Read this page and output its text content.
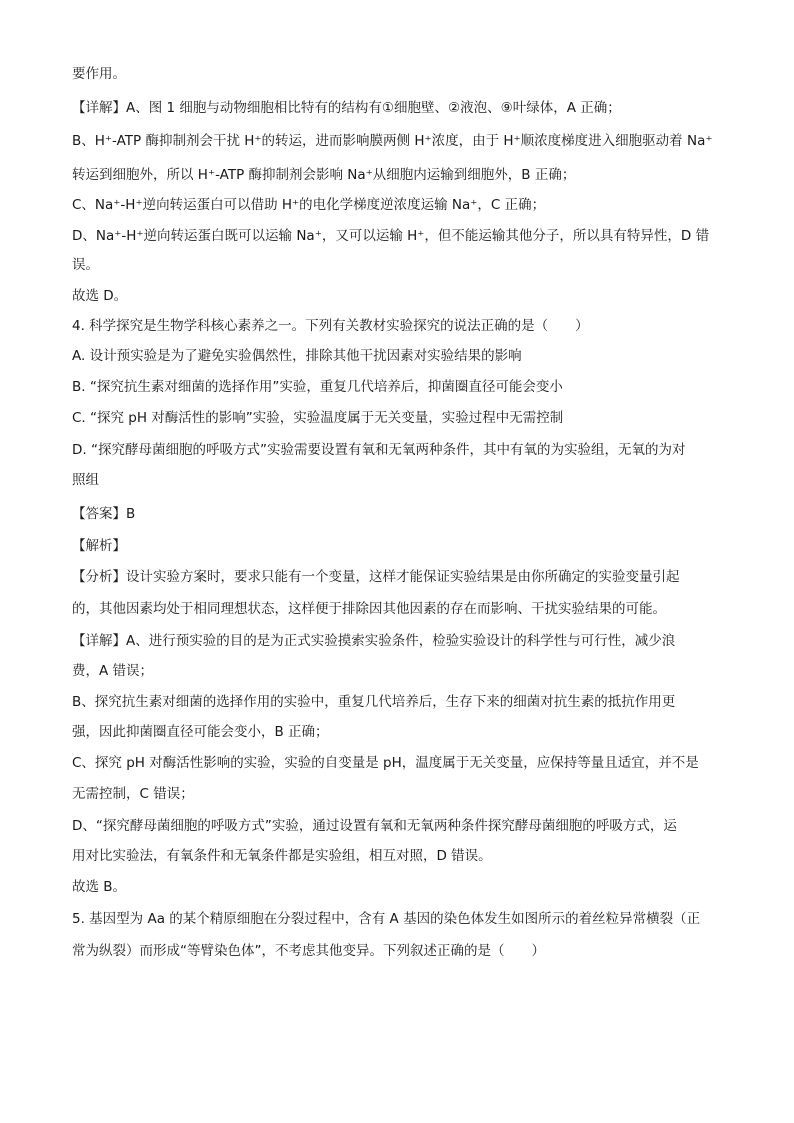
要作用。
【详解】A、图 1 细胞与动物细胞相比特有的结构有①细胞壁、②液泡、⑨叶绿体，A 正确；
B、H⁺-ATP 酶抑制剂会干扰 H⁺的转运，进而影响膜两侧 H⁺浓度，由于 H⁺顺浓度梯度进入细胞驱动着 Na⁺
转运到细胞外，所以 H⁺-ATP 酶抑制剂会影响 Na⁺从细胞内运输到细胞外，B 正确；
C、Na⁺-H⁺逆向转运蛋白可以借助 H⁺的电化学梯度逆浓度运输 Na⁺，C 正确；
D、Na⁺-H⁺逆向转运蛋白既可以运输 Na⁺，又可以运输 H⁺，但不能运输其他分子，所以具有特异性，D 错
误。
故选 D。
4. 科学探究是生物学科核心素养之一。下列有关教材实验探究的说法正确的是（　　）
A. 设计预实验是为了避免实验偶然性，排除其他干扰因素对实验结果的影响
B. “探究抗生素对细菌的选择作用”实验，重复几代培养后，抑菌圈直径可能会变小
C. “探究 pH 对酶活性的影响”实验，实验温度属于无关变量，实验过程中无需控制
D. “探究酵母菌细胞的呼吸方式”实验需要设置有氧和无氧两种条件，其中有氧的为实验组，无氧的为对
照组
【答案】B
【解析】
【分析】设计实验方案时，要求只能有一个变量，这样才能保证实验结果是由你所确定的实验变量引起
的，其他因素均处于相同理想状态，这样便于排除因其他因素的存在而影响、干扰实验结果的可能。
【详解】A、进行预实验的目的是为正式实验摸索实验条件，检验实验设计的科学性与可行性，减少浪
费，A 错误；
B、探究抗生素对细菌的选择作用的实验中，重复几代培养后，生存下来的细菌对抗生素的抵抗作用更
强，因此抑菌圈直径可能会变小，B 正确；
C、探究 pH 对酶活性影响的实验，实验的自变量是 pH，温度属于无关变量，应保持等量且适宜，并不是
无需控制，C 错误；
D、“探究酵母菌细胞的呼吸方式”实验，通过设置有氧和无氧两种条件探究酵母菌细胞的呼吸方式，运
用对比实验法，有氧条件和无氧条件都是实验组，相互对照，D 错误。
故选 B。
5. 基因型为 Aa 的某个精原细胞在分裂过程中，含有 A 基因的染色体发生如图所示的着丝粒异常横裂（正
常为纵裂）而形成“等臂染色体”，不考虑其他变异。下列叙述正确的是（　　）
